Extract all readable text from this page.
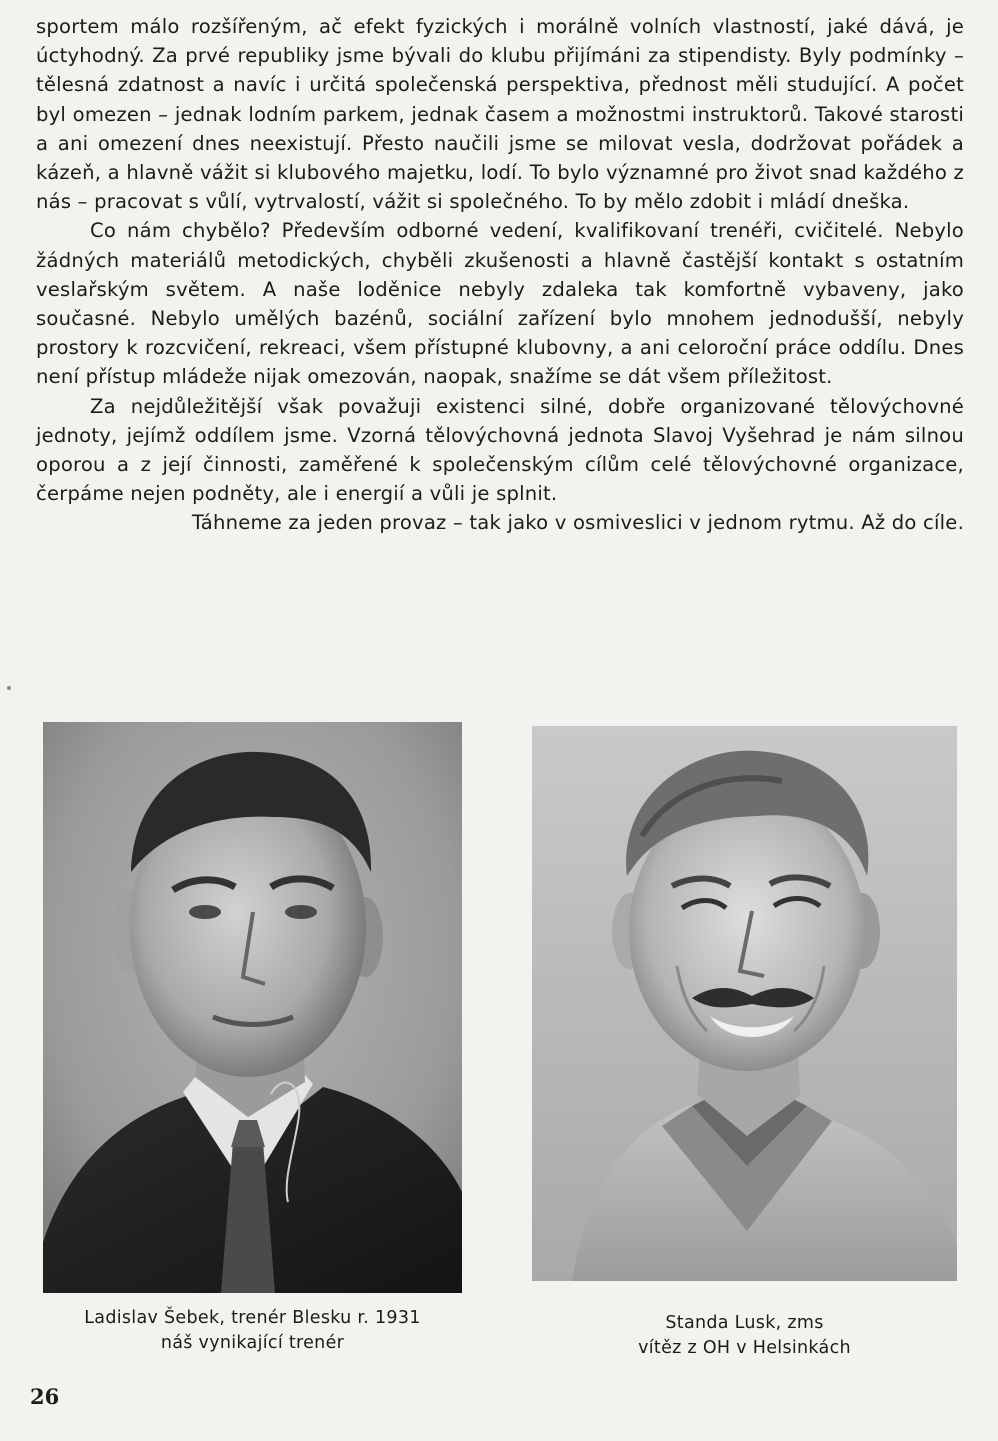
sportem málo rozšířeným, ač efekt fyzických i morálně volních vlastností, jaké dává, je úctyhodný. Za prvé republiky jsme bývali do klubu přijímáni za stipendisty. Byly podmínky – tělesná zdatnost a navíc i určitá společenská perspektiva, přednost měli studující. A počet byl omezen – jednak lodním parkem, jednak časem a možnostmi instruktorů. Takové starosti a ani omezení dnes neexistují. Přesto naučili jsme se milovat vesla, dodržovat pořádek a kázeň, a hlavně vážit si klubového majetku, lodí. To bylo významné pro život snad každého z nás – pracovat s vůlí, vytrvalostí, vážit si společného. To by mělo zdobit i mládí dneška.

Co nám chybělo? Především odborné vedení, kvalifikovaní trenéři, cvičitelé. Nebylo žádných materiálů metodických, chyběli zkušenosti a hlavně častější kontakt s ostatním veslařským světem. A naše loděnice nebyly zdaleka tak komfortně vybaveny, jako současné. Nebylo umělých bazénů, sociální zařízení bylo mnohem jednodušší, nebyly prostory k rozcvičení, rekreaci, všem přístupné klubovny, a ani celoroční práce oddílu. Dnes není přístup mládeže nijak omezován, naopak, snažíme se dát všem příležitost.

Za nejdůležitější však považuji existenci silné, dobře organizované tělovýchovné jednoty, jejímž oddílem jsme. Vzorná tělovýchovná jednota Slavoj Vyšehrad je nám silnou oporou a z její činnosti, zaměřené k společenským cílům celé tělovýchovné organizace, čerpáme nejen podněty, ale i energií a vůli je splnit.

Táhneme za jeden provaz – tak jako v osmiveslici v jednom rytmu. Až do cíle.

Ladislav Šebek, trenér Blesku r. 1931
náš vynikající trenér
Standa Lusk, zms
vítěz z OH v Helsinkách
26
